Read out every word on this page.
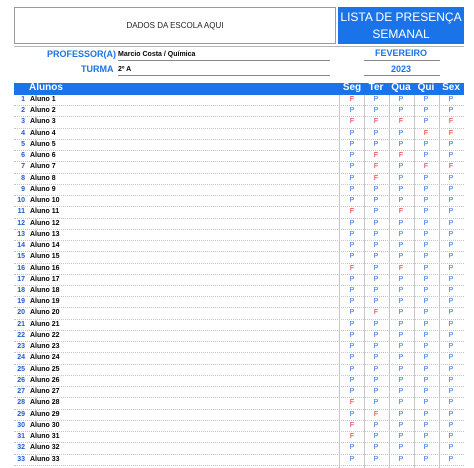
DADOS DA ESCOLA AQUI
LISTA DE PRESENÇA
SEMANAL
PROFESSOR(A) Marcio Costa / Química
TURMA 2º A
FEVEREIRO
2023
Alunos	Seg Ter Qua Qui Sex
1 Aluno 1	F	P	P	P	P
2 Aluno 2	P	P	P	P	P
3 Aluno 3	F	F	F	P	F
4 Aluno 4	P	P	P	F	F
5 Aluno 5	P	P	P	P	P
6 Aluno 6	P	F	F	P	P
7 Aluno 7	P	F	P	F	F
8 Aluno 8	P	F	P	P	P
9 Aluno 9	P	P	P	P	P
10 Aluno 10	P	P	P	P	P
11 Aluno 11	F	P	F	P	P
12 Aluno 12	P	P	P	P	P
13 Aluno 13	P	P	P	P	P
14 Aluno 14	P	P	P	P	P
15 Aluno 15	P	P	P	P	P
16 Aluno 16	F	P	F	P	P
17 Aluno 17	P	P	P	P	P
18 Aluno 18	P	P	P	P	P
19 Aluno 19	P	P	P	P	P
20 Aluno 20	P	F	P	P	P
21 Aluno 21	P	P	P	P	P
22 Aluno 22	P	P	P	P	P
23 Aluno 23	P	P	P	P	P
24 Aluno 24	P	P	P	P	P
25 Aluno 25	P	P	P	P	P
26 Aluno 26	P	P	P	P	P
27 Aluno 27	P	P	P	P	P
28 Aluno 28	F	P	P	P	P
29 Aluno 29	P	F	P	P	P
30 Aluno 30	F	P	P	P	P
31 Aluno 31	F	P	P	P	P
32 Aluno 32	P	P	P	P	P
33 Aluno 33	P	P	P	P	P
